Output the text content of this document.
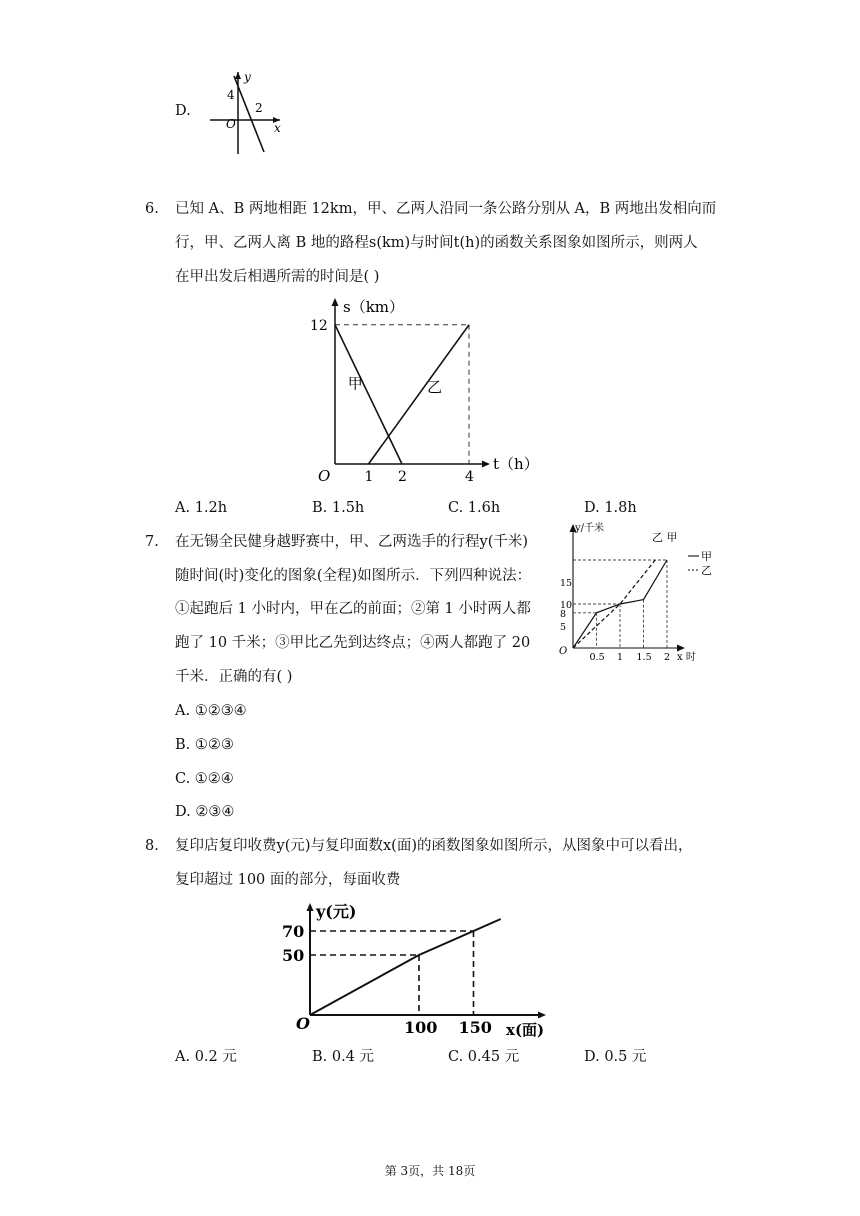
D.
y
x
O
4
2
6. 已知 A、B 两地相距 12km，甲、乙两人沿同一条公路分别从 A，B 两地出发相向而
行，甲、乙两人离 B 地的路程s(km)与时间t(h)的函数关系图象如图所示，则两人
在甲出发后相遇所需的时间是( )
甲	乙
12
1 2	4
O
s（km）
t（h）
A. 1.2h	B. 1.5h	C. 1.6h	D. 1.8h
7. 在无锡全民健身越野赛中，甲、乙两选手的行程y(千米)
随时间(时)变化的图象(全程)如图所示．下列四种说法：
①起跑后 1 小时内，甲在乙的前面；②第 1 小时两人都
跑了 10 千米；③甲比乙先到达终点；④两人都跑了 20
千米．正确的有( )
5
8
10
15
0.5 1 1.5 2
O
y/千米
x 时
乙 甲
甲
乙
A. ①②③④
B. ①②③
C. ①②④
D. ②③④
8. 复印店复印收费y(元)与复印面数x(面)的函数图象如图所示，从图象中可以看出，
复印超过 100 面的部分，每面收费
50
70
100 150
O
y(元)
x(面)
A. 0.2 元	B. 0.4 元	C. 0.45 元	D. 0.5 元
第 3页，共 18页
